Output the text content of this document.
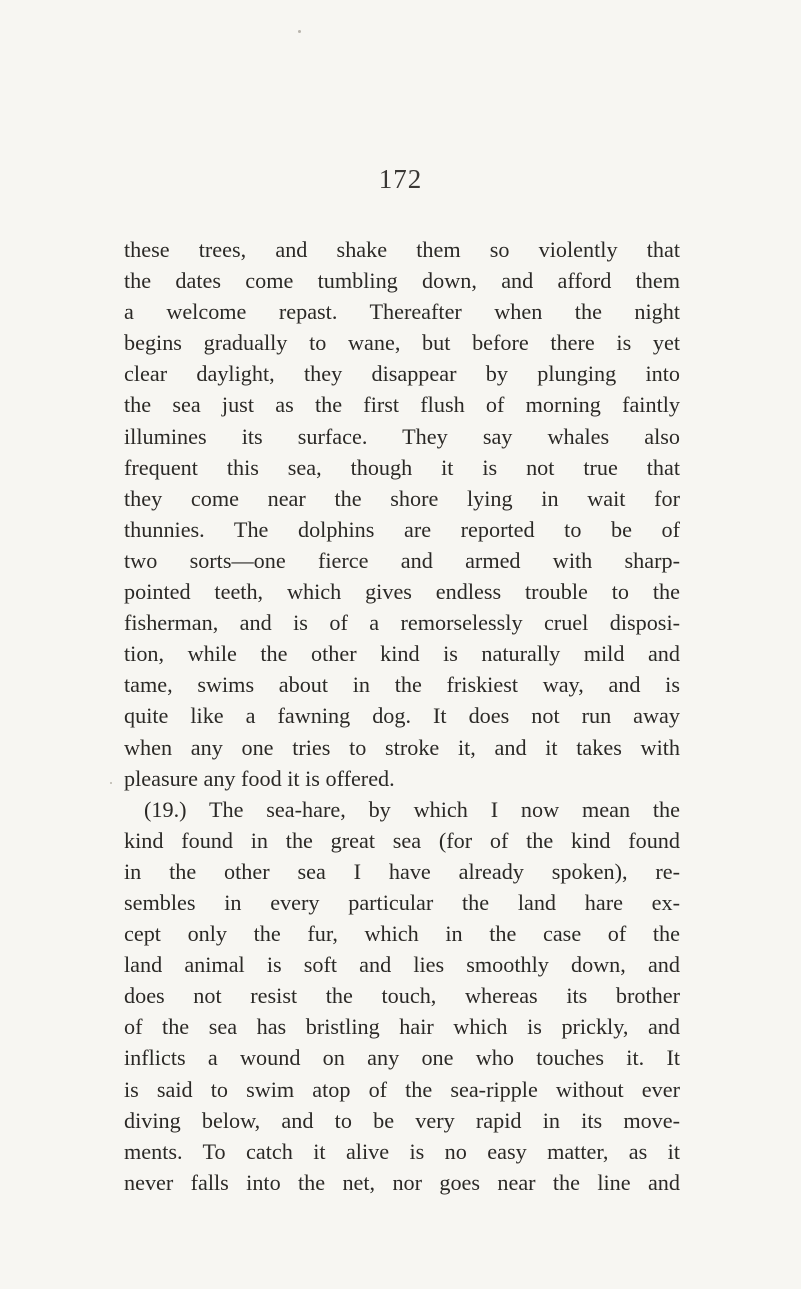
172
these trees, and shake them so violently that
the dates come tumbling down, and afford them
a welcome repast. Thereafter when the night
begins gradually to wane, but before there is yet
clear daylight, they disappear by plunging into
the sea just as the first flush of morning faintly
illumines its surface. They say whales also
frequent this sea, though it is not true that
they come near the shore lying in wait for
thunnies. The dolphins are reported to be of
two sorts—one fierce and armed with sharp-
pointed teeth, which gives endless trouble to the
fisherman, and is of a remorselessly cruel disposi-
tion, while the other kind is naturally mild and
tame, swims about in the friskiest way, and is
quite like a fawning dog. It does not run away
when any one tries to stroke it, and it takes with
pleasure any food it is offered.
(19.) The sea-hare, by which I now mean the
kind found in the great sea (for of the kind found
in the other sea I have already spoken), re-
sembles in every particular the land hare ex-
cept only the fur, which in the case of the
land animal is soft and lies smoothly down, and
does not resist the touch, whereas its brother
of the sea has bristling hair which is prickly, and
inflicts a wound on any one who touches it. It
is said to swim atop of the sea-ripple without ever
diving below, and to be very rapid in its move-
ments. To catch it alive is no easy matter, as it
never falls into the net, nor goes near the line and
